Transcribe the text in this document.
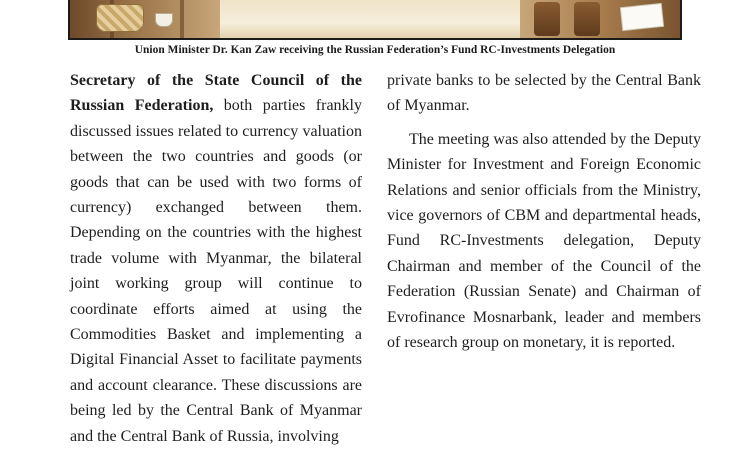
Union Minister Dr. Kan Zaw receiving the Russian Federation’s Fund RC-Investments Delegation

Secretary of the State Council of the Russian Federation, both parties frankly discussed issues related to currency valuation between the two countries and goods (or goods that can be used with two forms of currency) exchanged between them. Depending on the countries with the highest trade volume with Myanmar, the bilateral joint working group will continue to coordinate efforts aimed at using the Commodities Basket and implementing a Digital Financial Asset to facilitate payments and account clearance. These discussions are being led by the Central Bank of Myanmar and the Central Bank of Russia, involving

private banks to be selected by the Central Bank of Myanmar.

The meeting was also attended by the Deputy Minister for Investment and Foreign Economic Relations and senior officials from the Ministry, vice governors of CBM and departmental heads, Fund RC-Investments delegation, Deputy Chairman and member of the Council of the Federation (Russian Senate) and Chairman of Evrofinance Mosnarbank, leader and members of research group on monetary, it is reported.
